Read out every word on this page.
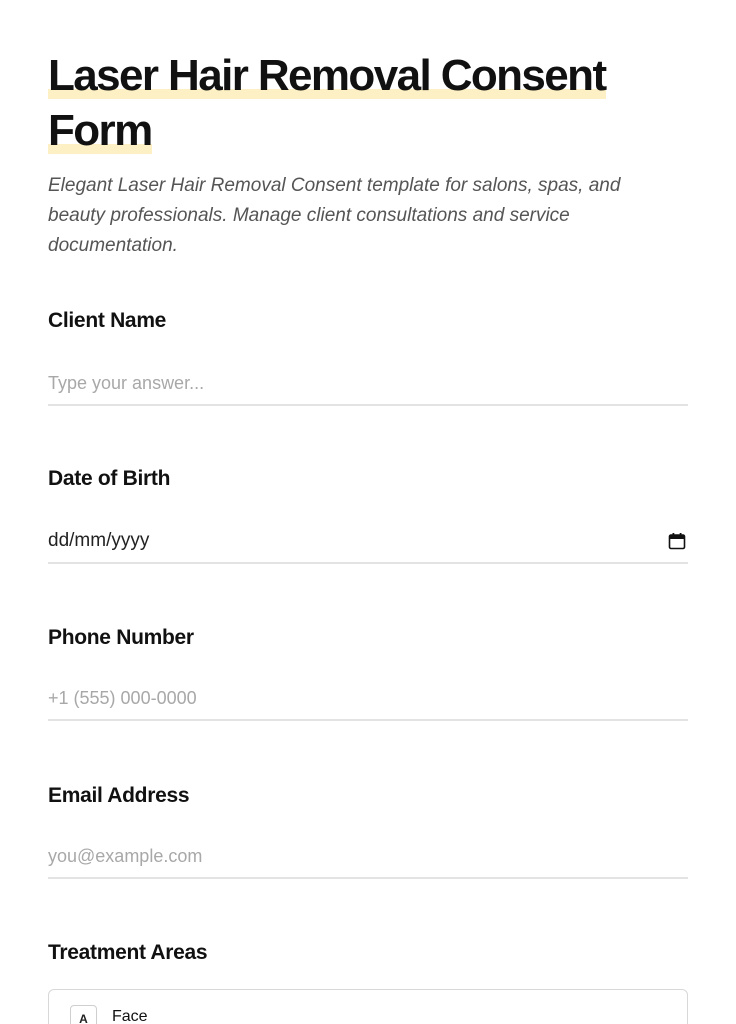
Laser Hair Removal Consent Form

Elegant Laser Hair Removal Consent template for salons, spas, and beauty professionals. Manage client consultations and service documentation.

Client Name
Type your answer...
Date of Birth
dd/mm/yyyy
Phone Number
+1 (555) 000-0000
Email Address
you@example.com
Treatment Areas
A	Face
